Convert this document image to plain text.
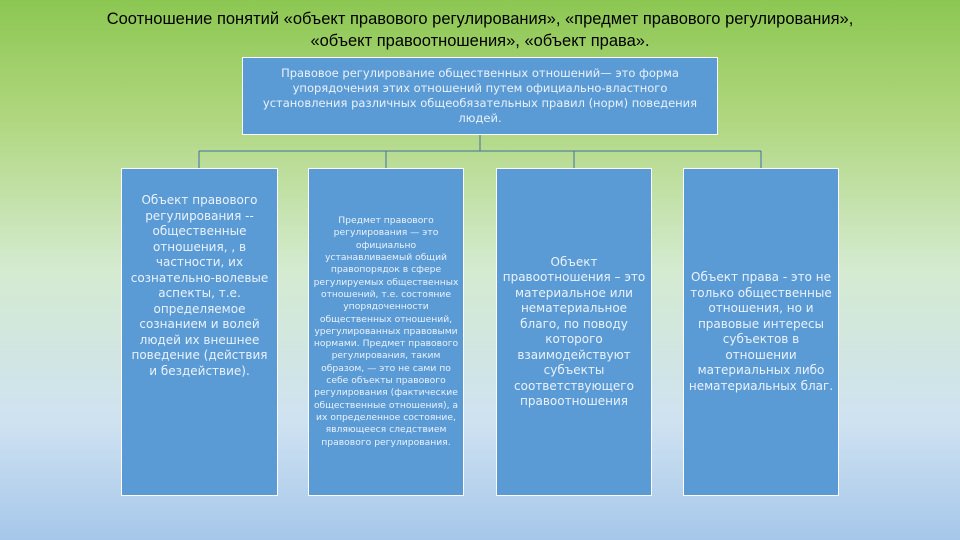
Соотношение понятий «объект правового регулирования», «предмет правового регулирования», «объект правоотношения», «объект права».
Правовое регулирование общественных отношений— это форма упорядочения этих отношений путем официально-властного установления различных общеобязательных правил (норм) поведения людей.
Объект правового регулирования -- общественные отношения, , в частности, их сознательно-волевые аспекты, т.е. определяемое сознанием и волей людей их внешнее поведение (действия и бездействие).
Предмет правового регулирования — это официально устанавливаемый общий правопорядок в сфере регулируемых общественных отношений, т.е. состояние упорядоченности общественных отношений, урегулированных правовыми нормами. Предмет правового регулирования, таким образом, — это не сами по себе объекты правового регулирования (фактические общественные отношения), а их определенное состояние, являющееся следствием правового регулирования.
Объект правоотношения – это материальное или нематериальное благо, по поводу которого взаимодействуют субъекты соответствующего правоотношения
Объект права - это не только общественные отношения, но и правовые интересы субъектов в отношении материальных либо нематериальных благ.
